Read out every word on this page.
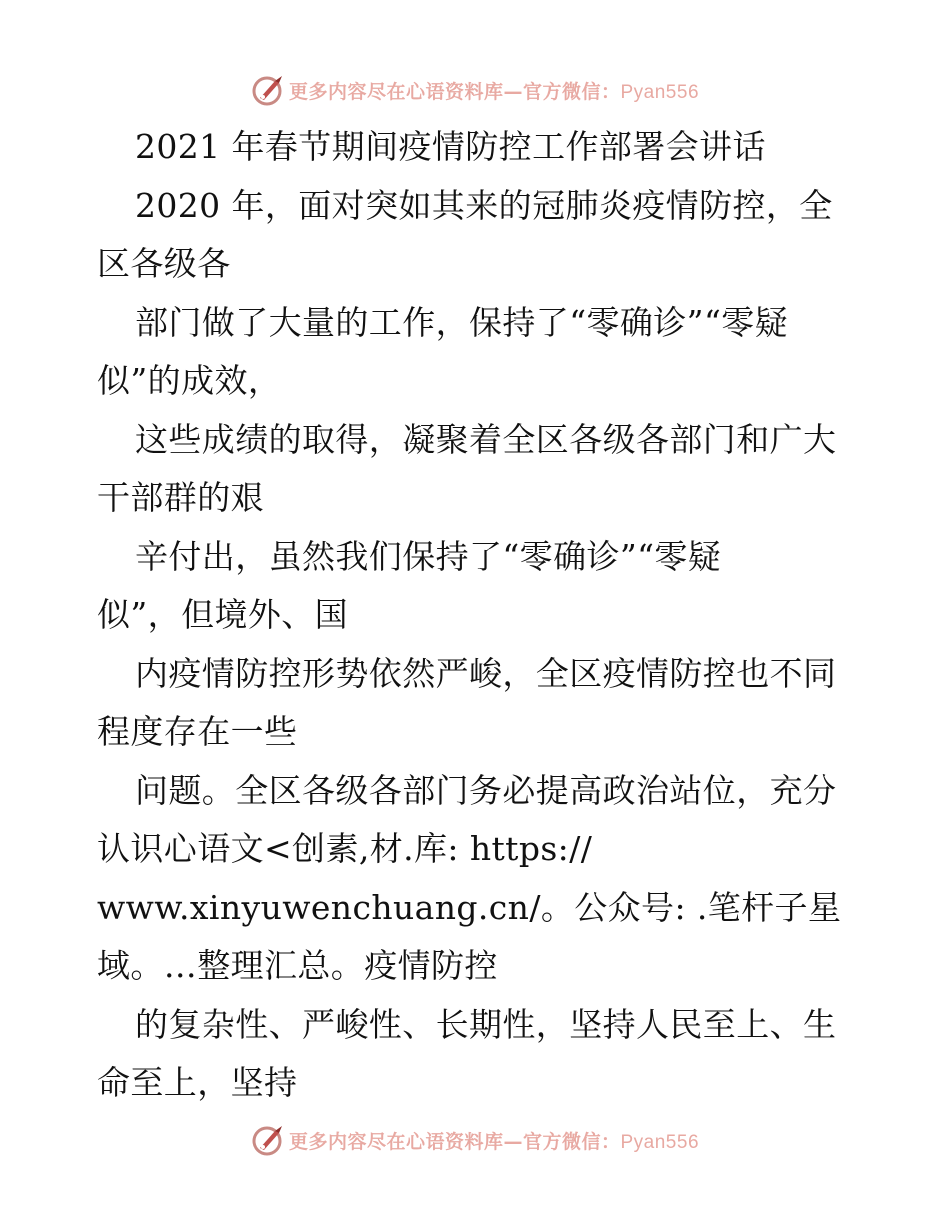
更多内容尽在心语资料库—官方微信：Pyan556
2021 年春节期间疫情防控工作部署会讲话
2020 年，面对突如其来的冠肺炎疫情防控，全
区各级各
部门做了大量的工作，保持了“零确诊”“零疑
似”的成效，
这些成绩的取得，凝聚着全区各级各部门和广大
干部群的艰
辛付出，虽然我们保持了“零确诊”“零疑
似”，但境外、国
内疫情防控形势依然严峻，全区疫情防控也不同
程度存在一些
问题。全区各级各部门务必提高政治站位，充分
认识心语文<创素,材.库: https://
www.xinyuwenchuang.cn/。公众号: .笔杆子星
域。…整理汇总。疫情防控
的复杂性、严峻性、长期性，坚持人民至上、生
命至上，坚持
更多内容尽在心语资料库—官方微信：Pyan556
